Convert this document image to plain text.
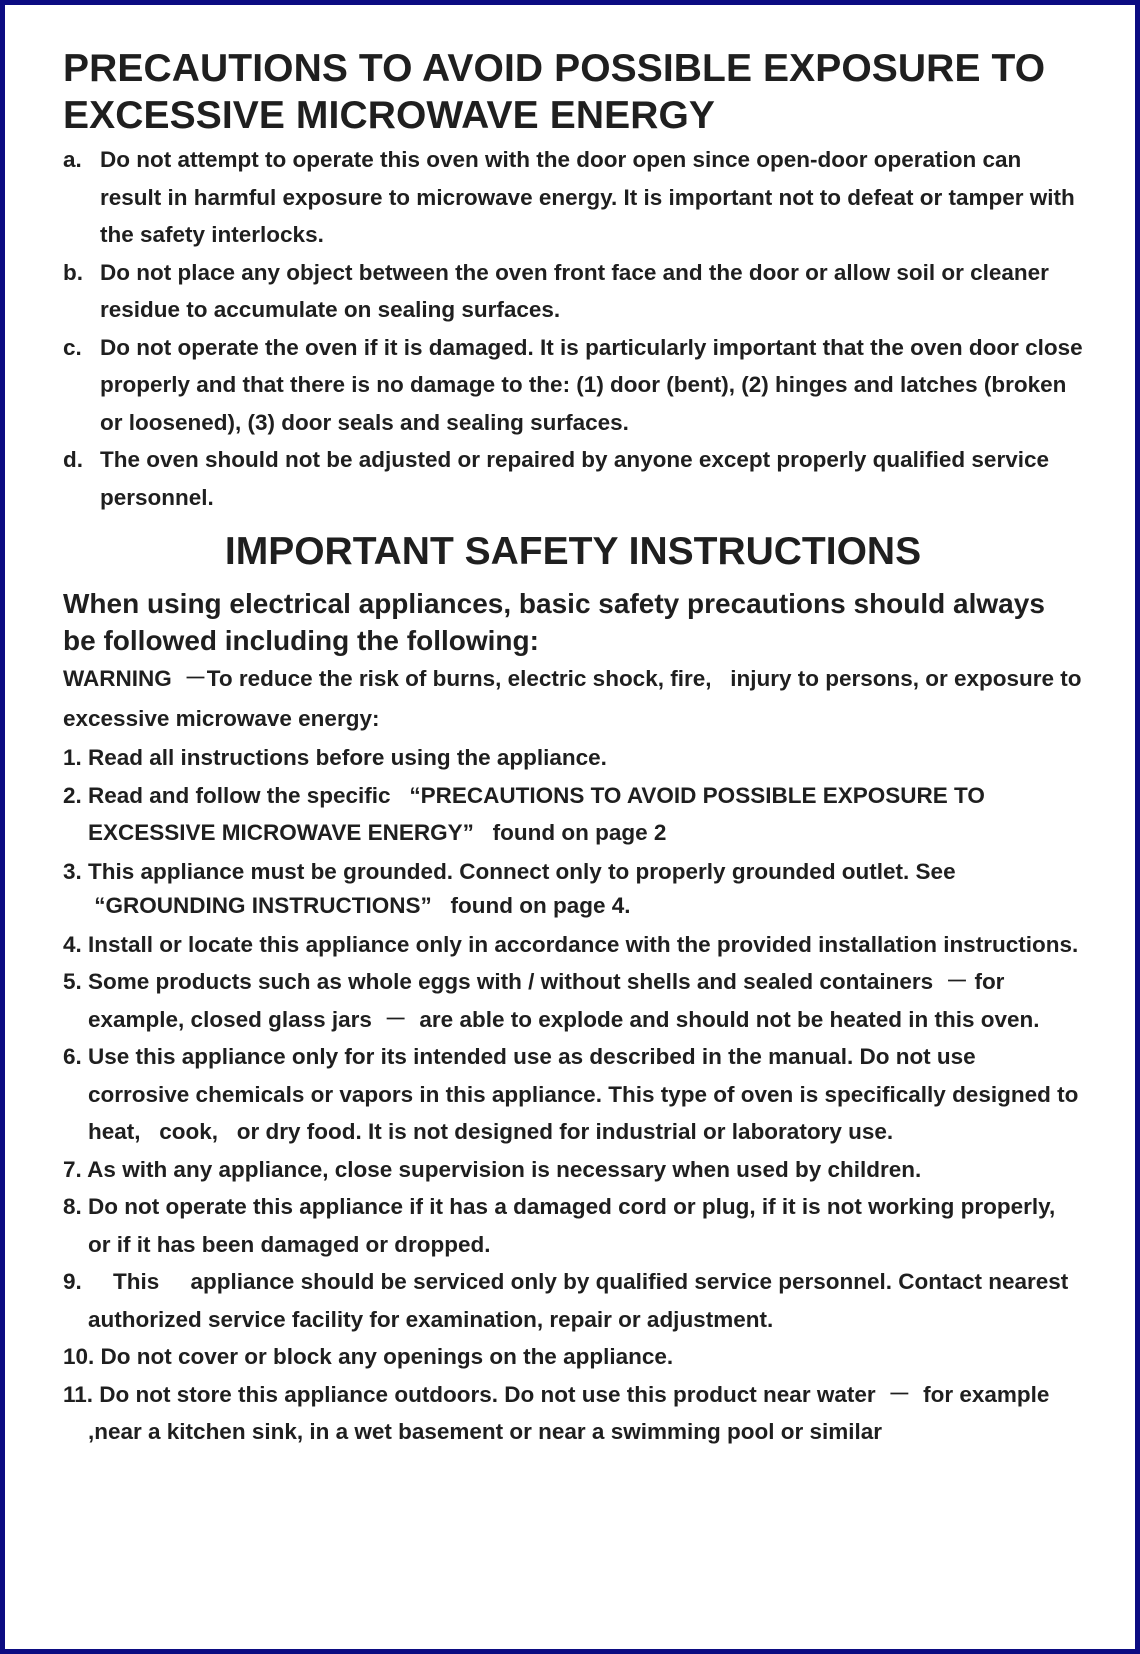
PRECAUTIONS TO AVOID POSSIBLE EXPOSURE TO EXCESSIVE MICROWAVE ENERGY
a. Do not attempt to operate this oven with the door open since open-door operation can result in harmful exposure to microwave energy. It is important not to defeat or tamper with the safety interlocks.
b. Do not place any object between the oven front face and the door or allow soil or cleaner residue to accumulate on sealing surfaces.
c. Do not operate the oven if it is damaged. It is particularly important that the oven door close properly and that there is no damage to the: (1) door (bent), (2) hinges and latches (broken or loosened), (3) door seals and sealing surfaces.
d. The oven should not be adjusted or repaired by anyone except properly qualified service personnel.
IMPORTANT SAFETY INSTRUCTIONS

When using electrical appliances, basic safety precautions should always be followed including the following:

WARNING  －To reduce the risk of burns, electric shock, fire,   injury to persons, or exposure to excessive microwave energy:

1. Read all instructions before using the appliance.
2. Read and follow the specific   “PRECAUTIONS TO AVOID POSSIBLE EXPOSURE TO EXCESSIVE MICROWAVE ENERGY”   found on page 2
3. This appliance must be grounded. Connect only to properly grounded outlet. See  “GROUNDING INSTRUCTIONS”   found on page 4.
4. Install or locate this appliance only in accordance with the provided installation instructions.
5. Some products such as whole eggs with / without shells and sealed containers  － for example, closed glass jars  －  are able to explode and should not be heated in this oven.
6. Use this appliance only for its intended use as described in the manual. Do not use corrosive chemicals or vapors in this appliance. This type of oven is specifically designed to heat,   cook,   or dry food. It is not designed for industrial or laboratory use.
7. As with any appliance, close supervision is necessary when used by children.
8. Do not operate this appliance if it has a damaged cord or plug, if it is not working properly, or if it has been damaged or dropped.
9.     This     appliance should be serviced only by qualified service personnel. Contact nearest authorized service facility for examination, repair or adjustment.
10. Do not cover or block any openings on the appliance.
11. Do not store this appliance outdoors. Do not use this product near water  －  for example ,near a kitchen sink, in a wet basement or near a swimming pool or similar
